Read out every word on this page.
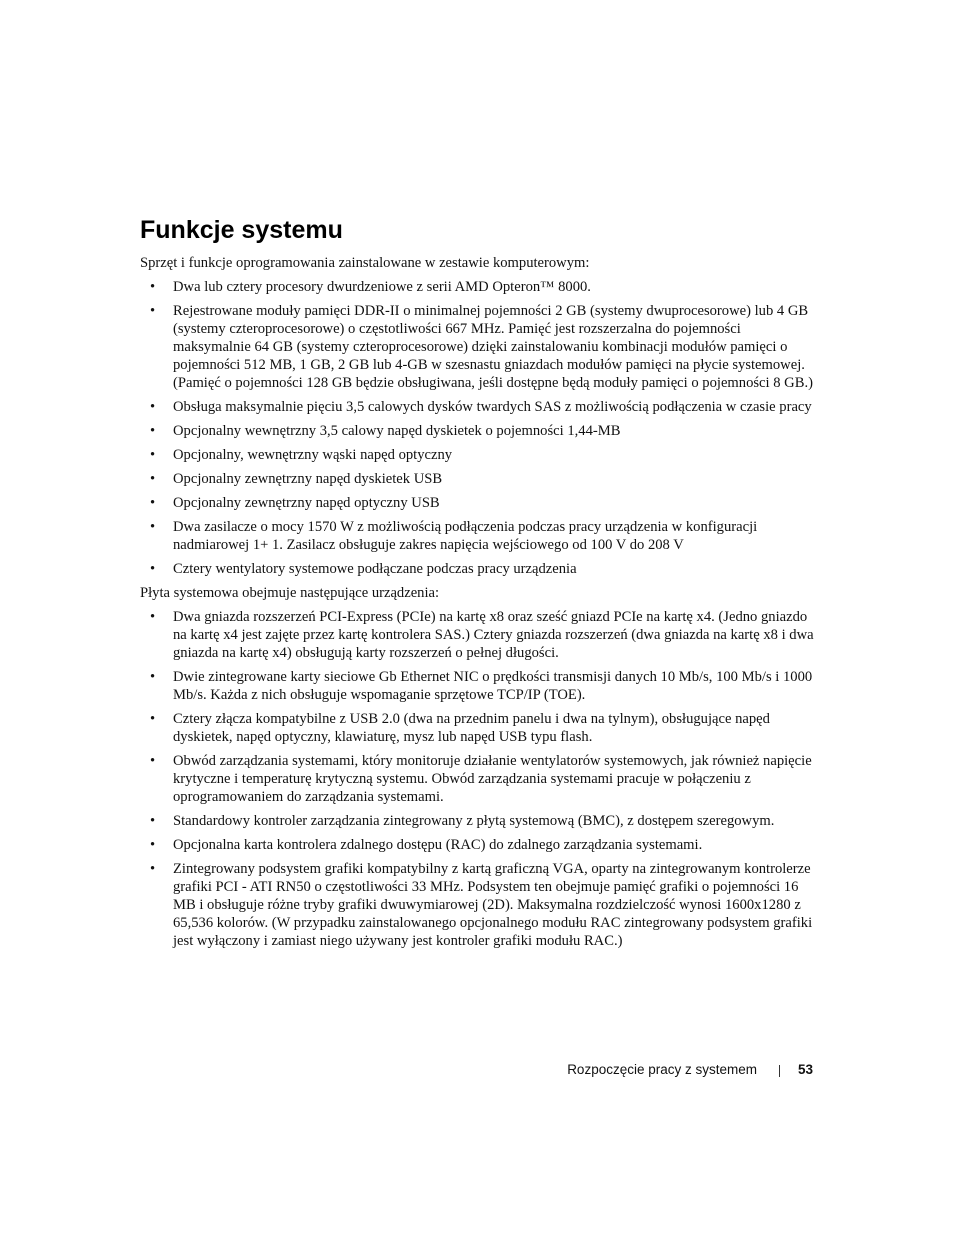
Funkcje systemu

Sprzęt i funkcje oprogramowania zainstalowane w zestawie komputerowym:

• Dwa lub cztery procesory dwurdzeniowe z serii AMD Opteron™ 8000.
• Rejestrowane moduły pamięci DDR-II o minimalnej pojemności 2 GB (systemy dwuprocesorowe) lub 4 GB (systemy czteroprocesorowe) o częstotliwości 667 MHz. Pamięć jest rozszerzalna do pojemności maksymalnie 64 GB (systemy czteroprocesorowe) dzięki zainstalowaniu kombinacji modułów pamięci o pojemności 512 MB, 1 GB, 2 GB lub 4-GB w szesnastu gniazdach modułów pamięci na płycie systemowej. (Pamięć o pojemności 128 GB będzie obsługiwana, jeśli dostępne będą moduły pamięci o pojemności 8 GB.)
• Obsługa maksymalnie pięciu 3,5 calowych dysków twardych SAS z możliwością podłączenia w czasie pracy
• Opcjonalny wewnętrzny 3,5 calowy napęd dyskietek o pojemności 1,44-MB
• Opcjonalny, wewnętrzny wąski napęd optyczny
• Opcjonalny zewnętrzny napęd dyskietek USB
• Opcjonalny zewnętrzny napęd optyczny USB
• Dwa zasilacze o mocy 1570 W z możliwością podłączenia podczas pracy urządzenia w konfiguracji nadmiarowej 1+ 1. Zasilacz obsługuje zakres napięcia wejściowego od 100 V do 208 V
• Cztery wentylatory systemowe podłączane podczas pracy urządzenia

Płyta systemowa obejmuje następujące urządzenia:

• Dwa gniazda rozszerzeń PCI-Express (PCIe) na kartę x8 oraz sześć gniazd PCIe na kartę x4. (Jedno gniazdo na kartę x4 jest zajęte przez kartę kontrolera SAS.) Cztery gniazda rozszerzeń (dwa gniazda na kartę x8 i dwa gniazda na kartę x4) obsługują karty rozszerzeń o pełnej długości.
• Dwie zintegrowane karty sieciowe Gb Ethernet NIC o prędkości transmisji danych 10 Mb/s, 100 Mb/s i 1000 Mb/s. Każda z nich obsługuje wspomaganie sprzętowe TCP/IP (TOE).
• Cztery złącza kompatybilne z USB 2.0 (dwa na przednim panelu i dwa na tylnym), obsługujące napęd dyskietek, napęd optyczny, klawiaturę, mysz lub napęd USB typu flash.
• Obwód zarządzania systemami, który monitoruje działanie wentylatorów systemowych, jak również napięcie krytyczne i temperaturę krytyczną systemu. Obwód zarządzania systemami pracuje w połączeniu z oprogramowaniem do zarządzania systemami.
• Standardowy kontroler zarządzania zintegrowany z płytą systemową (BMC), z dostępem szeregowym.
• Opcjonalna karta kontrolera zdalnego dostępu (RAC) do zdalnego zarządzania systemami.
• Zintegrowany podsystem grafiki kompatybilny z kartą graficzną VGA, oparty na zintegrowanym kontrolerze grafiki PCI - ATI RN50 o częstotliwości 33 MHz. Podsystem ten obejmuje pamięć grafiki o pojemności 16 MB i obsługuje różne tryby grafiki dwuwymiarowej (2D). Maksymalna rozdzielczość wynosi 1600x1280 z 65,536 kolorów. (W przypadku zainstalowanego opcjonalnego modułu RAC zintegrowany podsystem grafiki jest wyłączony i zamiast niego używany jest kontroler grafiki modułu RAC.)
Rozpoczęcie pracy z systemem	53
